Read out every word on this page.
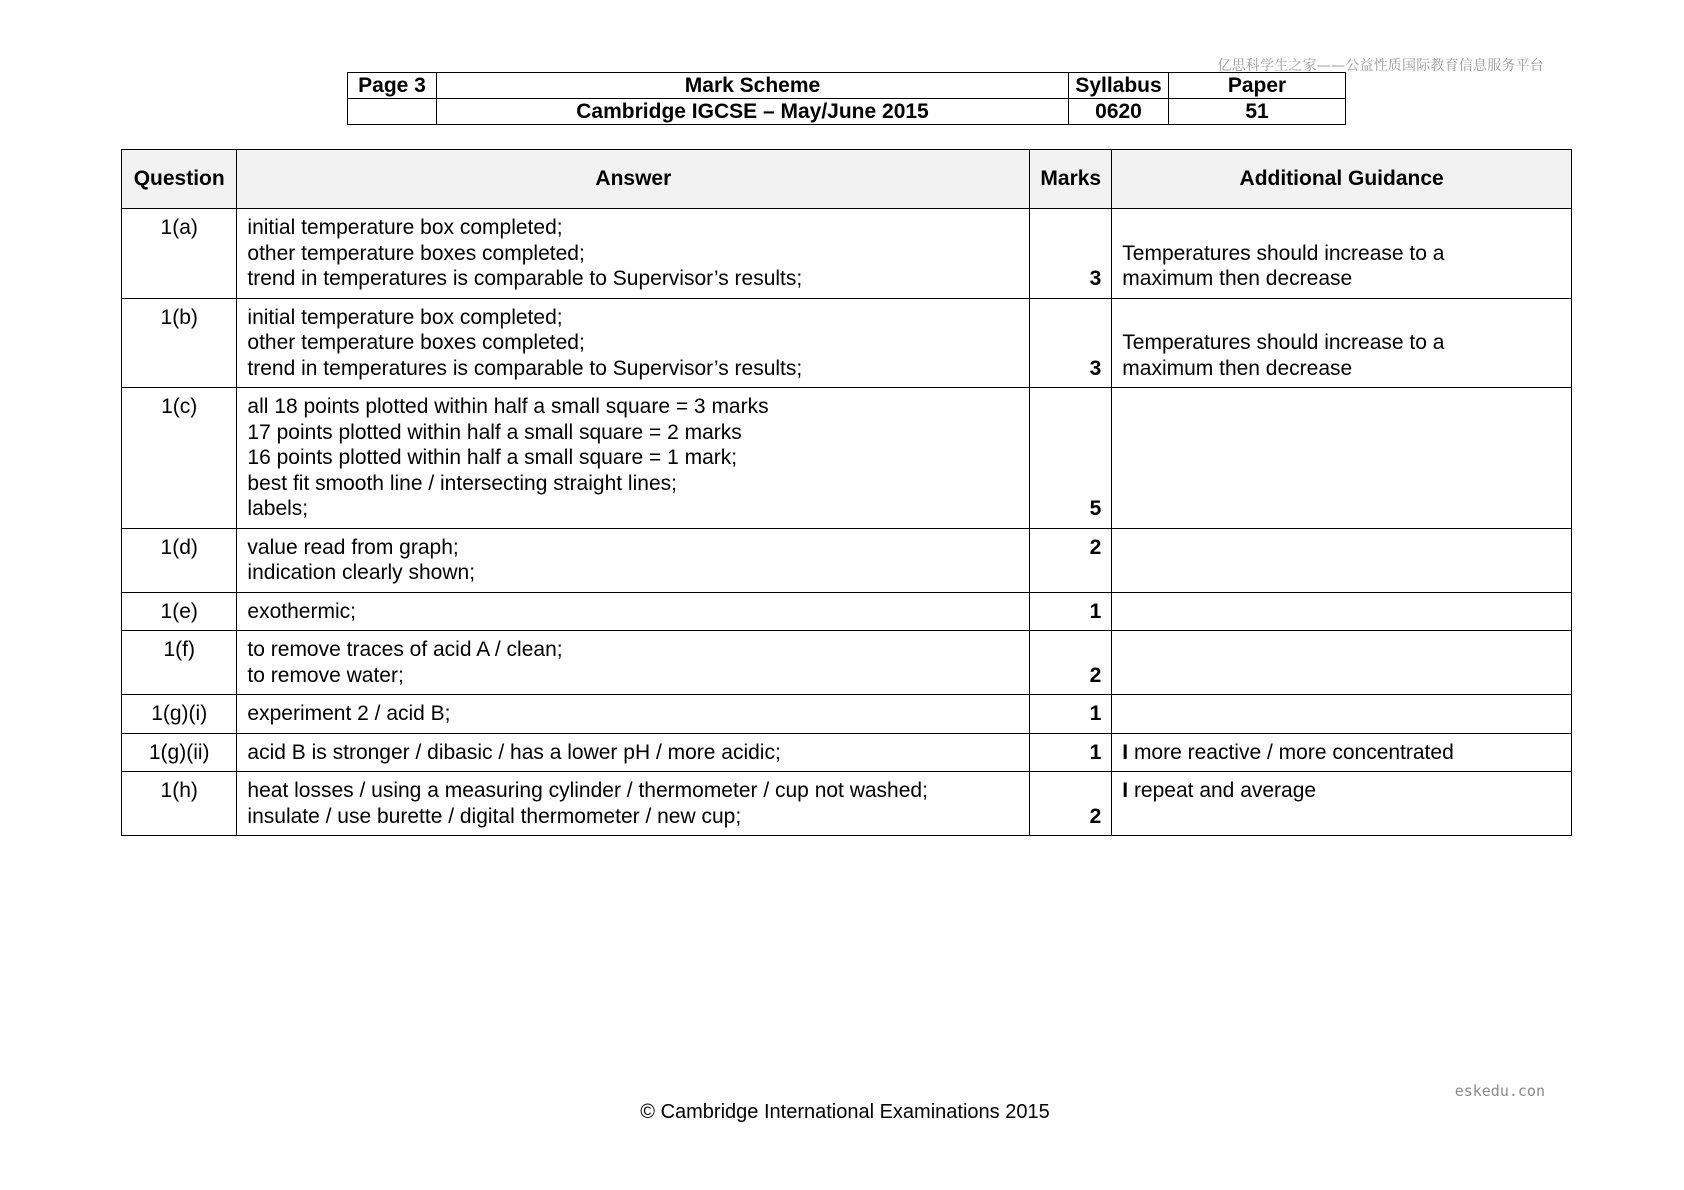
亿思科学生之家——公益性质国际教育信息服务平台
Page 3	Mark Scheme	Syllabus	Paper
	Cambridge IGCSE – May/June 2015	0620	51
Question	Answer	Marks	Additional Guidance
1(a)	initial temperature box completed;
other temperature boxes completed;
trend in temperatures is comparable to Supervisor’s results;	3	Temperatures should increase to a
maximum then decrease

1(b)	initial temperature box completed;
other temperature boxes completed;
trend in temperatures is comparable to Supervisor’s results;	3	Temperatures should increase to a
maximum then decrease

1(c)	all 18 points plotted within half a small square = 3 marks
17 points plotted within half a small square = 2 marks
16 points plotted within half a small square = 1 mark;
best fit smooth line / intersecting straight lines;
labels;	5	
1(d)	value read from graph;
indication clearly shown;	2	
1(e)	exothermic;	1	
1(f)	to remove traces of acid A / clean;
to remove water;	2	
1(g)(i)	experiment 2 / acid B;	1	
1(g)(ii)	acid B is stronger / dibasic / has a lower pH / more acidic;	1	I more reactive / more concentrated
1(h)	heat losses / using a measuring cylinder / thermometer / cup not washed;
insulate / use burette / digital thermometer / new cup;	2	I repeat and average
eskedu.con
© Cambridge International Examinations 2015
